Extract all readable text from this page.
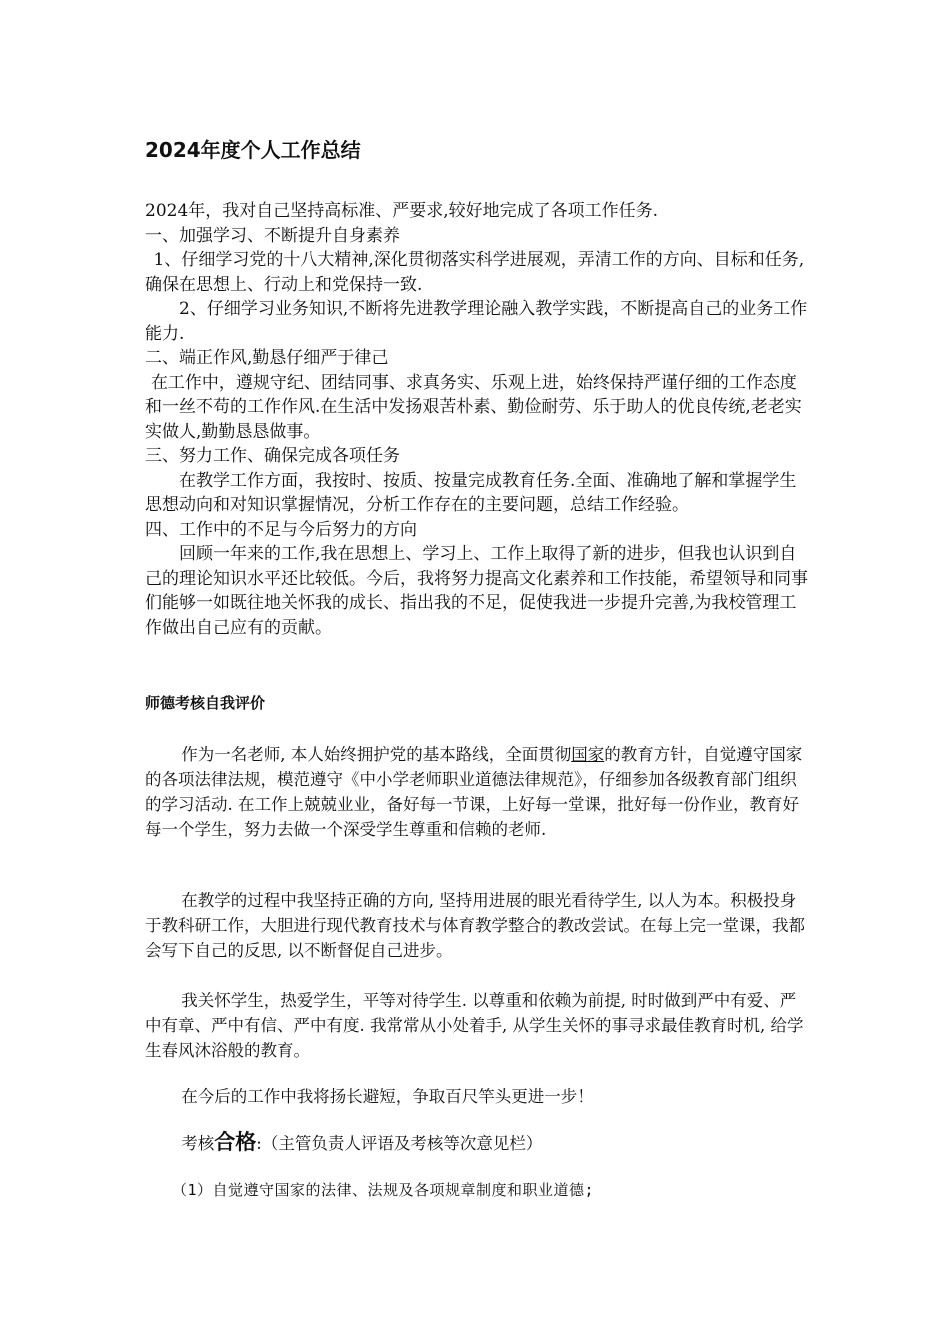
2024年度个人工作总结

2024年，我对自己坚持高标准、严要求,较好地完成了各项工作任务.

一、加强学习、不断提升自身素养

1、仔细学习党的十八大精神,深化贯彻落实科学进展观，弄清工作的方向、目标和任务,确保在思想上、行动上和党保持一致.

2、仔细学习业务知识,不断将先进教学理论融入教学实践，不断提高自己的业务工作能力.

二、端正作风,勤恳仔细严于律己

在工作中，遵规守纪、团结同事、求真务实、乐观上进，始终保持严谨仔细的工作态度和一丝不苟的工作作风.在生活中发扬艰苦朴素、勤俭耐劳、乐于助人的优良传统,老老实实做人,勤勤恳恳做事。

三、努力工作、确保完成各项任务

在教学工作方面，我按时、按质、按量完成教育任务.全面、准确地了解和掌握学生思想动向和对知识掌握情况，分析工作存在的主要问题，总结工作经验。

四、工作中的不足与今后努力的方向

回顾一年来的工作,我在思想上、学习上、工作上取得了新的进步，但我也认识到自己的理论知识水平还比较低。今后，我将努力提高文化素养和工作技能，希望领导和同事们能够一如既往地关怀我的成长、指出我的不足，促使我进一步提升完善,为我校管理工作做出自己应有的贡献。

师德考核自我评价

作为一名老师, 本人始终拥护党的基本路线，全面贯彻国家的教育方针，自觉遵守国家的各项法律法规，模范遵守《中小学老师职业道德法律规范》，仔细参加各级教育部门组织的学习活动. 在工作上兢兢业业，备好每一节课，上好每一堂课，批好每一份作业，教育好每一个学生，努力去做一个深受学生尊重和信赖的老师.

在教学的过程中我坚持正确的方向, 坚持用进展的眼光看待学生, 以人为本。积极投身于教科研工作，大胆进行现代教育技术与体育教学整合的教改尝试。在每上完一堂课，我都会写下自己的反思, 以不断督促自己进步。

我关怀学生，热爱学生，平等对待学生. 以尊重和依赖为前提, 时时做到严中有爱、严中有章、严中有信、严中有度. 我常常从小处着手, 从学生关怀的事寻求最佳教育时机, 给学生春风沐浴般的教育。

在今后的工作中我将扬长避短，争取百尺竿头更进一步！

考核合格:（主管负责人评语及考核等次意见栏）

（1）自觉遵守国家的法律、法规及各项规章制度和职业道德;
